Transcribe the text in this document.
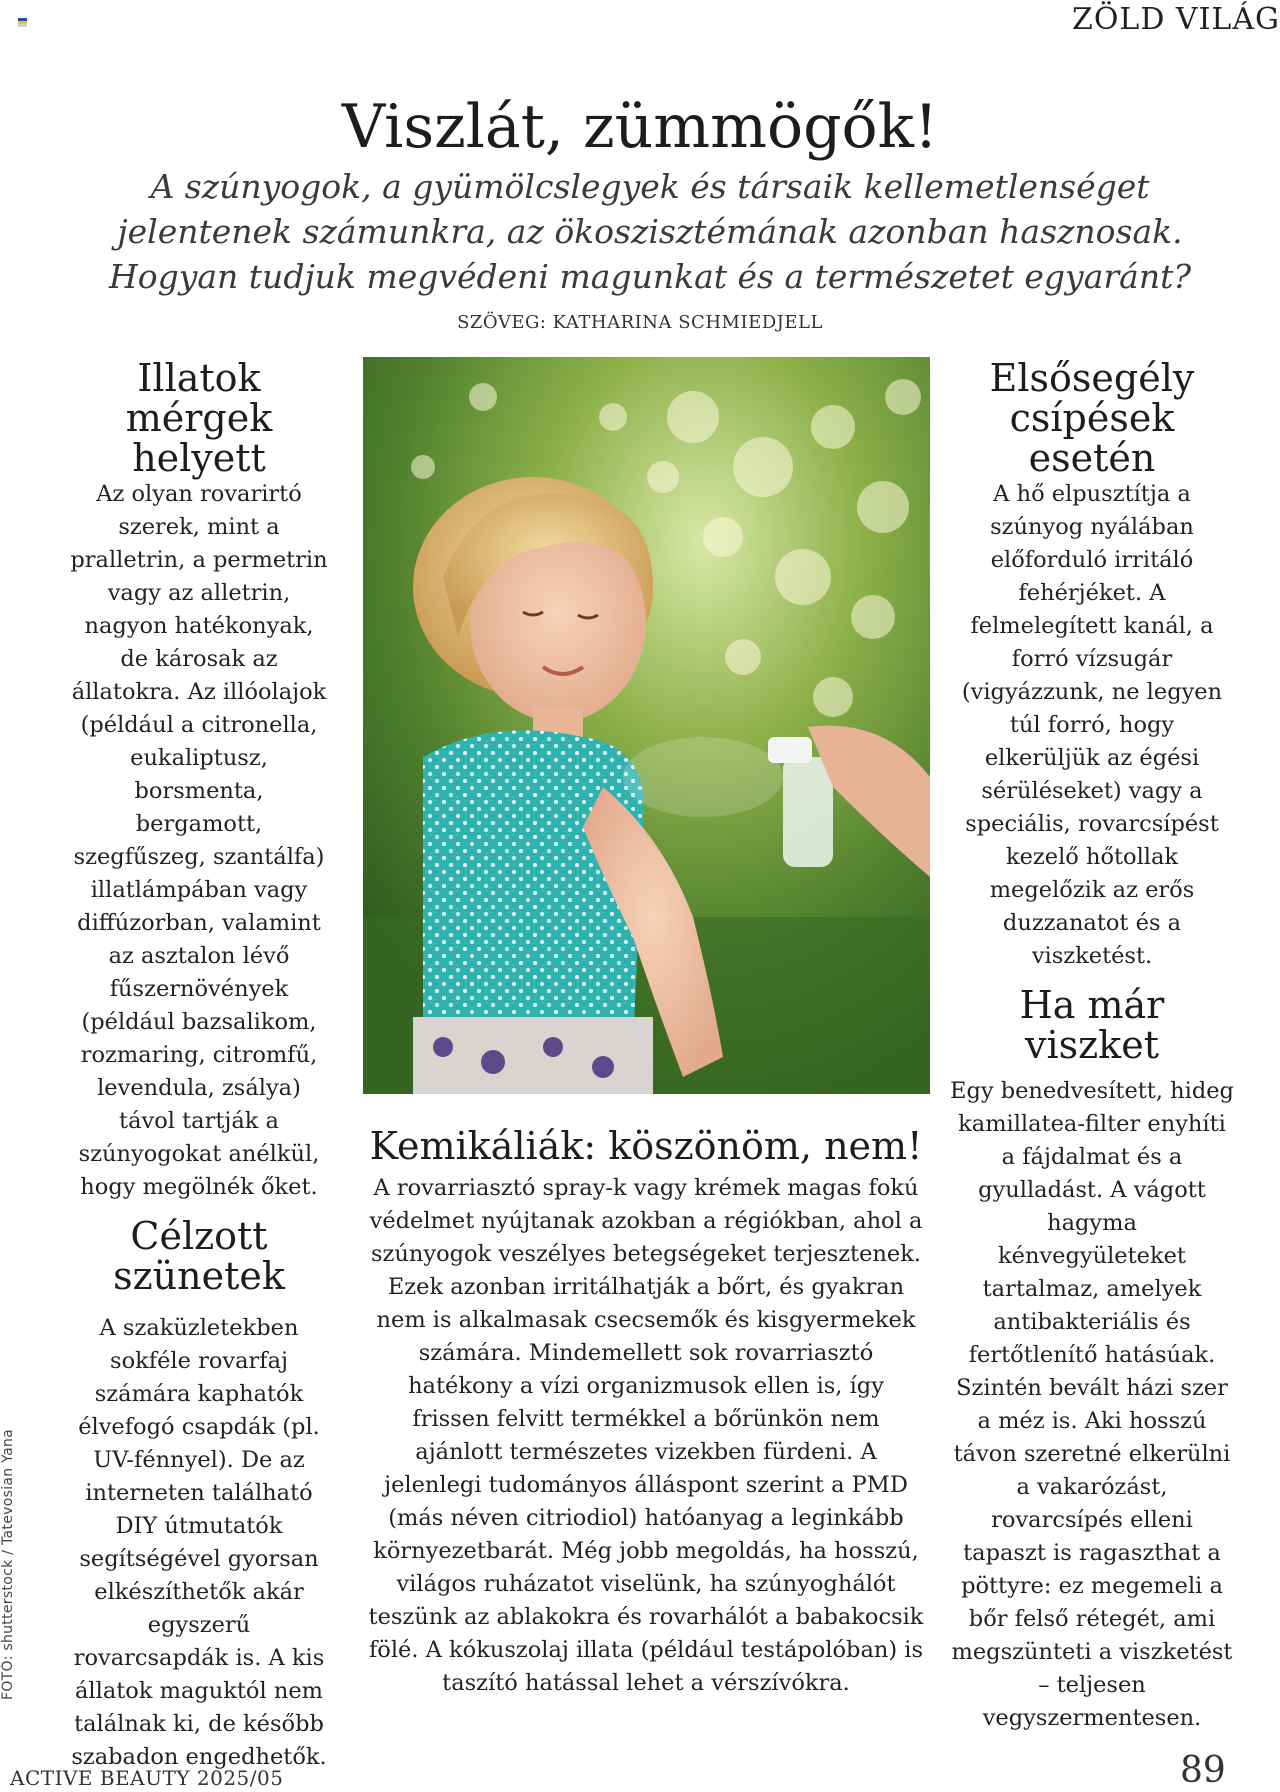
ZÖLD VILÁG
Viszlát, zümmögők!

A szúnyogok, a gyümölcslegyek és társaik kellemetlenséget jelentenek számunkra, az ökoszisztémának azonban hasznosak. Hogyan tudjuk megvédeni magunkat és a természetet egyaránt?

SZÖVEG: KATHARINA SCHMIEDJELL
Illatok mérgek helyett

Az olyan rovarirtó szerek, mint a pralletrin, a permetrin vagy az alletrin, nagyon hatékonyak, de károsak az állatokra. Az illóolajok (például a citronella, eukaliptusz, borsmenta, bergamott, szegfűszeg, szantálfa) illatlámpában vagy diffúzorban, valamint az asztalon lévő fűszernövények (például bazsalikom, rozmaring, citromfű, levendula, zsálya) távol tartják a szúnyogokat anélkül, hogy megölnék őket.

Célzott szünetek

A szaküzletekben sokféle rovarfaj számára kaphatók élvefogó csapdák (pl. UV-fénnyel). De az interneten található DIY útmutatók segítségével gyorsan elkészíthetők akár egyszerű rovarcsapdák is. A kis állatok maguktól nem találnak ki, de később szabadon engedhetők.

Elsősegély csípések esetén

A hő elpusztítja a szúnyog nyálában előforduló irritáló fehérjéket. A felmelegített kanál, a forró vízsugár (vigyázzunk, ne legyen túl forró, hogy elkerüljük az égési sérüléseket) vagy a speciális, rovarcsípést kezelő hőtollak megelőzik az erős duzzanatot és a viszketést.

Ha már viszket

Egy benedvesített, hideg kamillatea-filter enyhíti a fájdalmat és a gyulladást. A vágott hagyma kénvegyületeket tartalmaz, amelyek antibakteriális és fertőtlenítő hatásúak. Szintén bevált házi szer a méz is. Aki hosszú távon szeretné elkerülni a vakarózást, rovarcsípés elleni tapaszt is ragaszthat a pöttyre: ez megemeli a bőr felső rétegét, ami megszünteti a viszketést – teljesen vegyszermentesen.

Kemikáliák: köszönöm, nem!

A rovarriasztó spray-k vagy krémek magas fokú védelmet nyújtanak azokban a régiókban, ahol a szúnyogok veszélyes betegségeket terjesztenek. Ezek azonban irritálhatják a bőrt, és gyakran nem is alkalmasak csecsemők és kisgyermekek számára. Mindemellett sok rovarriasztó hatékony a vízi organizmusok ellen is, így frissen felvitt termékkel a bőrünkön nem ajánlott természetes vizekben fürdeni. A jelenlegi tudományos álláspont szerint a PMD (más néven citriodiol) hatóanyag a leginkább környezetbarát. Még jobb megoldás, ha hosszú, világos ruházatot viselünk, ha szúnyoghálót teszünk az ablakokra és rovarhálót a babakocsik fölé. A kókuszolaj illata (például testápolóban) is taszító hatással lehet a vérszívókra.

FOTÓ: shutterstock / Tatevosian Yana
ACTIVE BEAUTY 2025/05	89
